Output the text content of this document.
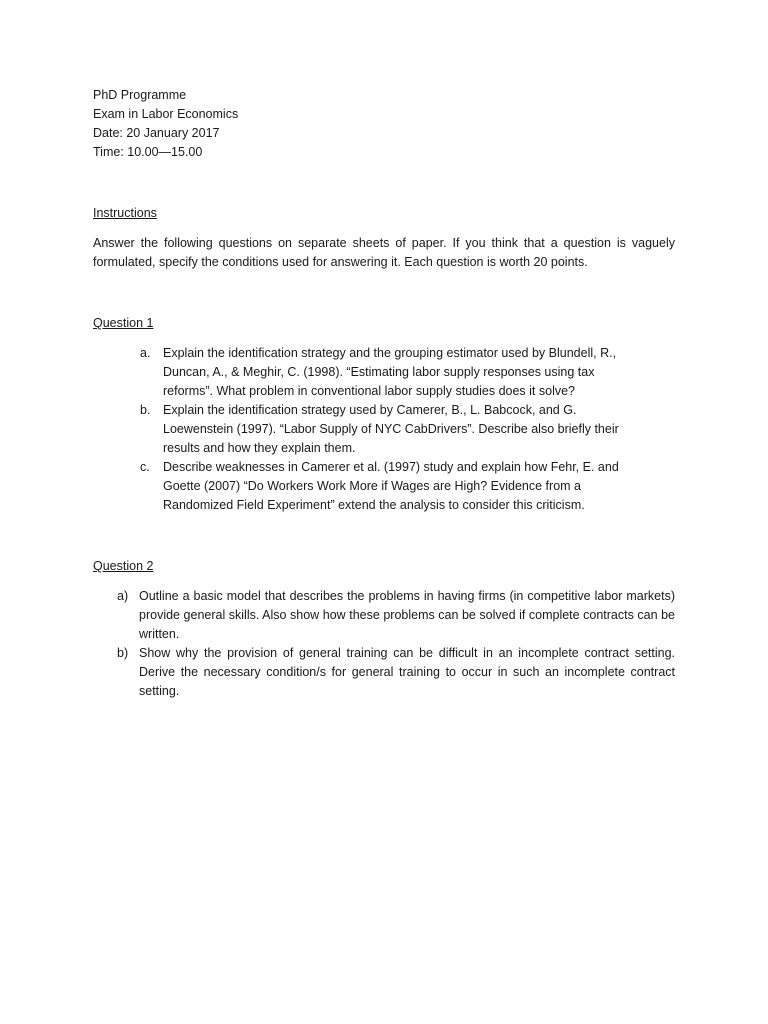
PhD Programme
Exam in Labor Economics
Date: 20 January 2017
Time: 10.00—15.00
Instructions

Answer the following questions on separate sheets of paper. If you think that a question is vaguely formulated, specify the conditions used for answering it. Each question is worth 20 points.

Question 1
a. Explain the identification strategy and the grouping estimator used by Blundell, R., Duncan, A., & Meghir, C. (1998). “Estimating labor supply responses using tax reforms”. What problem in conventional labor supply studies does it solve?
b. Explain the identification strategy used by Camerer, B., L. Babcock, and G. Loewenstein (1997). “Labor Supply of NYC CabDrivers”. Describe also briefly their results and how they explain them.
c. Describe weaknesses in Camerer et al. (1997) study and explain how Fehr, E. and Goette (2007) “Do Workers Work More if Wages are High? Evidence from a Randomized Field Experiment” extend the analysis to consider this criticism.
Question 2
a) Outline a basic model that describes the problems in having firms (in competitive labor markets) provide general skills. Also show how these problems can be solved if complete contracts can be written.
b) Show why the provision of general training can be difficult in an incomplete contract setting. Derive the necessary condition/s for general training to occur in such an incomplete contract setting.
